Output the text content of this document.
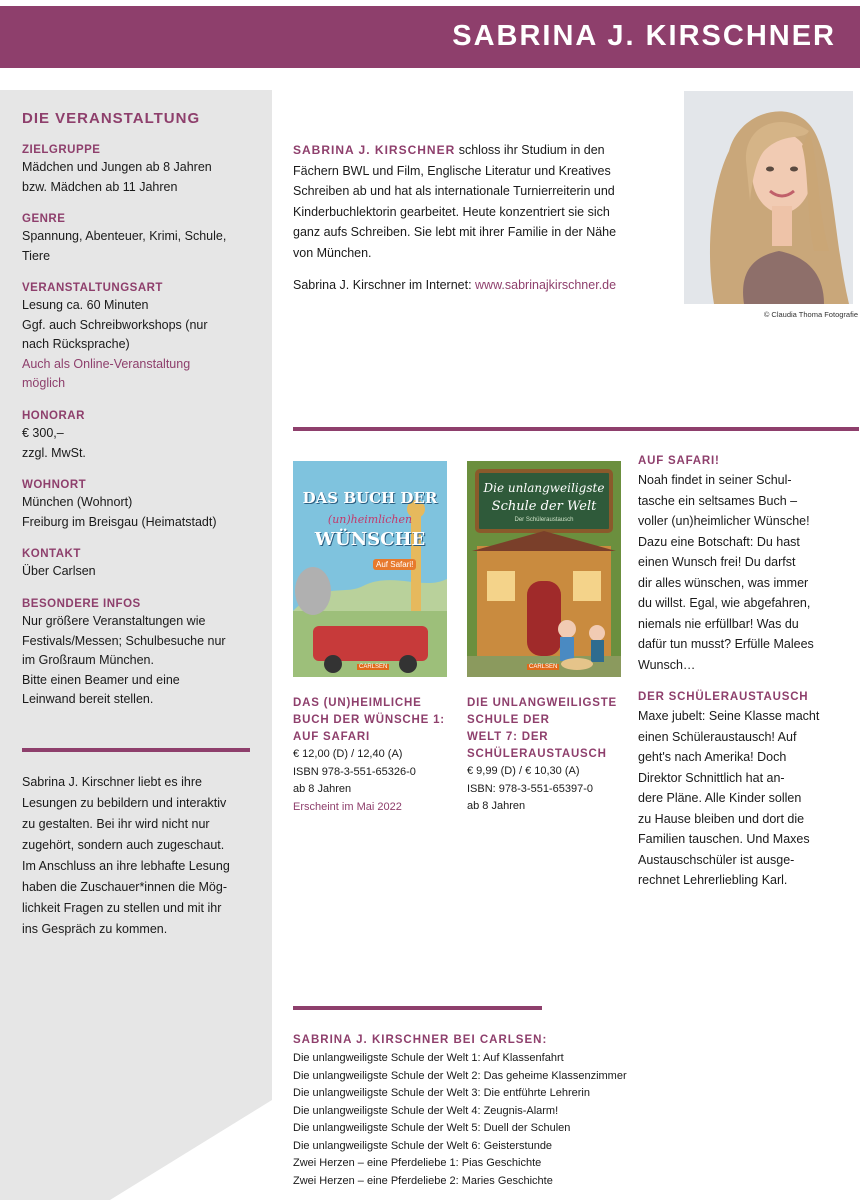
SABRINA J. KIRSCHNER
DIE VERANSTALTUNG
ZIELGRUPPE
Mädchen und Jungen ab 8 Jahren
bzw. Mädchen ab 11 Jahren
GENRE
Spannung, Abenteuer, Krimi, Schule,
Tiere
VERANSTALTUNGSART
Lesung ca. 60 Minuten
Ggf. auch Schreibworkshops (nur
nach Rücksprache)
Auch als Online-Veranstaltung
möglich
HONORAR
€ 300,–
zzgl. MwSt.
WOHNORT
München (Wohnort)
Freiburg im Breisgau (Heimatstadt)
KONTAKT
Über Carlsen
BESONDERE INFOS
Nur größere Veranstaltungen wie
Festivals/Messen; Schulbesuche nur
im Großraum München.
Bitte einen Beamer und eine
Leinwand bereit stellen.
Sabrina J. Kirschner liebt es ihre
Lesungen zu bebildern und interaktiv
zu gestalten. Bei ihr wird nicht nur
zugehört, sondern auch zugeschaut.
Im Anschluss an ihre lebhafte Lesung
haben die Zuschauer*innen die Mög-
lichkeit Fragen zu stellen und mit ihr
ins Gespräch zu kommen.
SABRINA J. KIRSCHNER schloss ihr Studium in den
Fächern BWL und Film, Englische Literatur und Kreatives
Schreiben ab und hat als internationale Turnierreiterin und
Kinderbuchlektorin gearbeitet. Heute konzentriert sie sich
ganz aufs Schreiben. Sie lebt mit ihrer Familie in der Nähe
von München.
Sabrina J. Kirschner im Internet: www.sabrinajkirschner.de
© Claudia Thoma Fotografie
DAS BUCH DER
(un)heimlichen
WÜNSCHE
Auf Safari!
CARLSEN
Die unlangweiligste
Schule der Welt
Der Schüleraustausch
CARLSEN
DAS (UN)HEIMLICHE
BUCH DER WÜNSCHE 1:
AUF SAFARI
€ 12,00 (D) / 12,40 (A)
ISBN 978-3-551-65326-0
ab 8 Jahren
Erscheint im Mai 2022
DIE UNLANGWEILIGSTE
SCHULE DER
WELT 7: DER
SCHÜLERAUSTAUSCH
€ 9,99 (D) / € 10,30 (A)
ISBN: 978-3-551-65397-0
ab 8 Jahren
AUF SAFARI!
Noah findet in seiner Schul-
tasche ein seltsames Buch –
voller (un)heimlicher Wünsche!
Dazu eine Botschaft: Du hast
einen Wunsch frei! Du darfst
dir alles wünschen, was immer
du willst. Egal, wie abgefahren,
niemals nie erfüllbar! Was du
dafür tun musst? Erfülle Malees
Wunsch…
DER SCHÜLERAUSTAUSCH
Maxe jubelt: Seine Klasse macht
einen Schüleraustausch! Auf
geht's nach Amerika! Doch
Direktor Schnittlich hat an-
dere Pläne. Alle Kinder sollen
zu Hause bleiben und dort die
Familien tauschen. Und Maxes
Austauschschüler ist ausge-
rechnet Lehrerliebling Karl.
SABRINA J. KIRSCHNER BEI CARLSEN:
Die unlangweiligste Schule der Welt 1: Auf Klassenfahrt
Die unlangweiligste Schule der Welt 2: Das geheime Klassenzimmer
Die unlangweiligste Schule der Welt 3: Die entführte Lehrerin
Die unlangweiligste Schule der Welt 4: Zeugnis-Alarm!
Die unlangweiligste Schule der Welt 5: Duell der Schulen
Die unlangweiligste Schule der Welt 6: Geisterstunde
Zwei Herzen – eine Pferdeliebe 1: Pias Geschichte
Zwei Herzen – eine Pferdeliebe 2: Maries Geschichte
